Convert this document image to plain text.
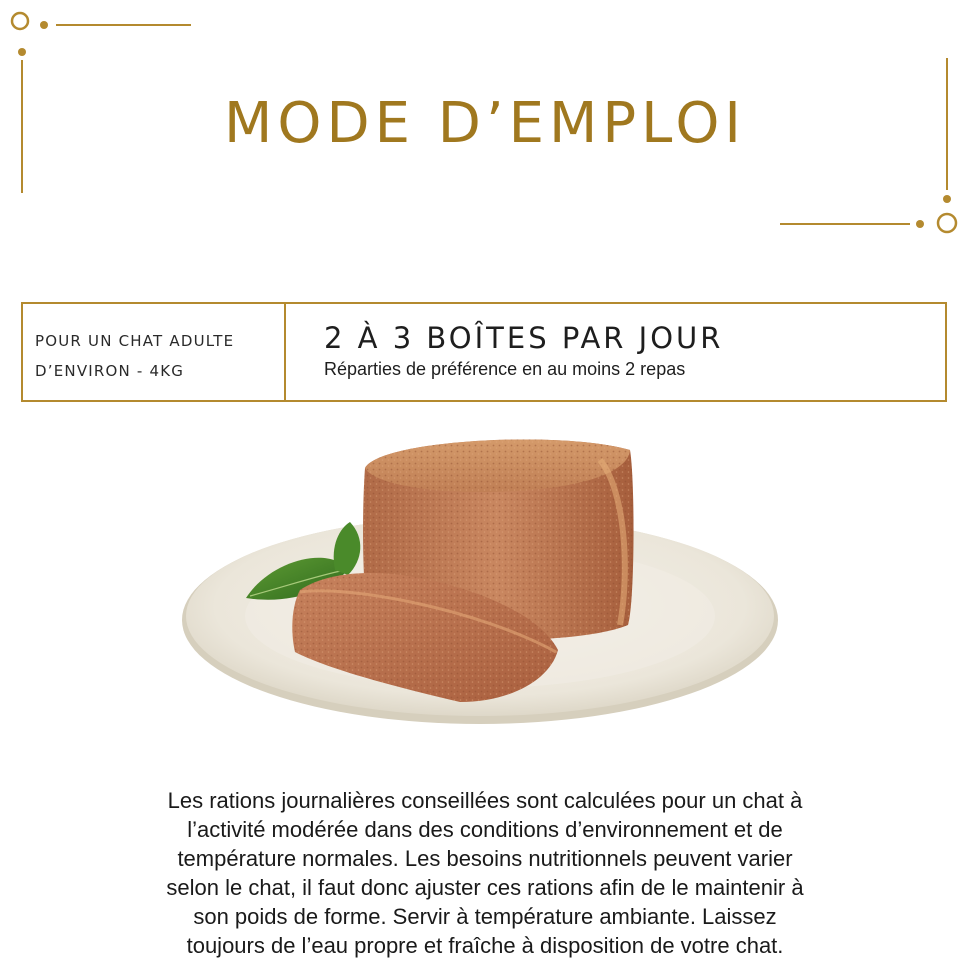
MODE D’EMPLOI
POUR UN CHAT ADULTE
D’ENVIRON - 4KG
2 À 3 BOÎTES PAR JOUR
Réparties de préférence en au moins 2 repas
Les rations journalières conseillées sont calculées pour un chat à
l’activité modérée dans des conditions d’environnement et de
température normales. Les besoins nutritionnels peuvent varier
selon le chat, il faut donc ajuster ces rations afin de le maintenir à
son poids de forme. Servir à température ambiante. Laissez
toujours de l’eau propre et fraîche à disposition de votre chat.
